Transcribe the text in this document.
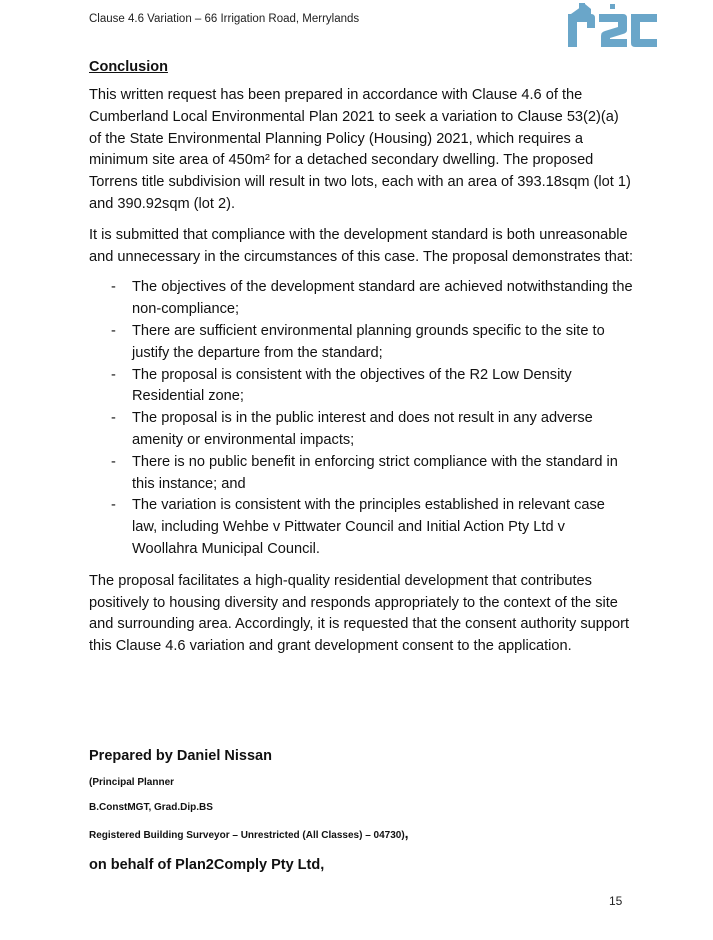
Clause 4.6 Variation – 66 Irrigation Road, Merrylands
Conclusion

This written request has been prepared in accordance with Clause 4.6 of the Cumberland Local Environmental Plan 2021 to seek a variation to Clause 53(2)(a) of the State Environmental Planning Policy (Housing) 2021, which requires a minimum site area of 450m² for a detached secondary dwelling. The proposed Torrens title subdivision will result in two lots, each with an area of 393.18sqm (lot 1) and 390.92sqm (lot 2).

It is submitted that compliance with the development standard is both unreasonable and unnecessary in the circumstances of this case. The proposal demonstrates that:

- The objectives of the development standard are achieved notwithstanding the non-compliance;
- There are sufficient environmental planning grounds specific to the site to justify the departure from the standard;
- The proposal is consistent with the objectives of the R2 Low Density Residential zone;
- The proposal is in the public interest and does not result in any adverse amenity or environmental impacts;
- There is no public benefit in enforcing strict compliance with the standard in this instance; and
- The variation is consistent with the principles established in relevant case law, including Wehbe v Pittwater Council and Initial Action Pty Ltd v Woollahra Municipal Council.

The proposal facilitates a high-quality residential development that contributes positively to housing diversity and responds appropriately to the context of the site and surrounding area. Accordingly, it is requested that the consent authority support this Clause 4.6 variation and grant development consent to the application.

Prepared by Daniel Nissan
(Principal Planner
B.ConstMGT, Grad.Dip.BS
Registered Building Surveyor – Unrestricted (All Classes) – 04730),
on behalf of Plan2Comply Pty Ltd,
15
